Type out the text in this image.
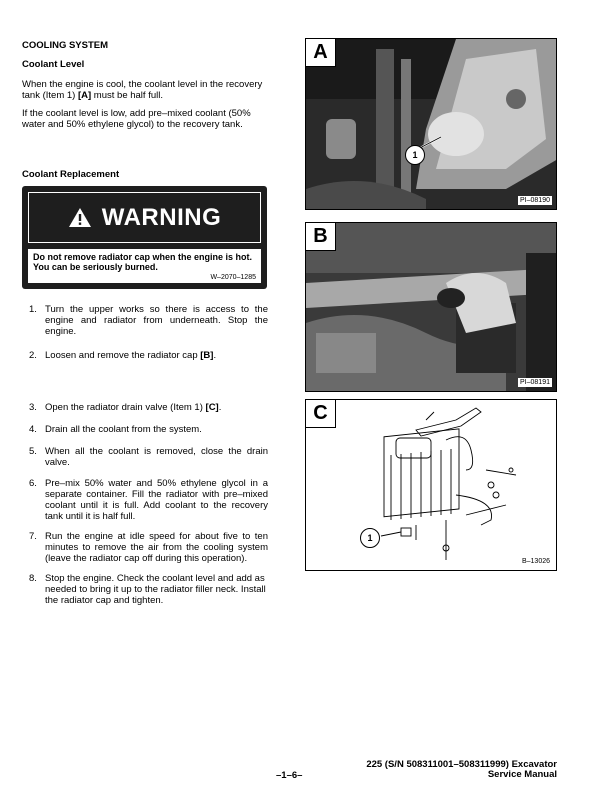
COOLING SYSTEM
Coolant Level
When the engine is cool, the coolant level in the recovery tank (Item 1) [A] must be half full.
If the coolant level is low, add pre–mixed coolant (50% water and 50% ethylene glycol) to the recovery tank.
Coolant Replacement
WARNING
Do not remove radiator cap when the engine is hot. You can be seriously burned.
W–2070–1285
1. Turn the upper works so there is access to the engine and radiator from underneath. Stop the engine.
2. Loosen and remove the radiator cap [B].
3. Open the radiator drain valve (Item 1) [C].
4. Drain all the coolant from the system.
5. When all the coolant is removed, close the drain valve.
6. Pre–mix 50% water and 50% ethylene glycol in a separate container. Fill the radiator with pre–mixed coolant until it is full. Add coolant to the recovery tank until it is half full.
7. Run the engine at idle speed for about five to ten minutes to remove the air from the cooling system (leave the radiator cap off during this operation).
8. Stop the engine. Check the coolant level and add as needed to bring it up to the radiator filler neck. Install the radiator cap and tighten.
A
1
PI–08190
B
PI–08191
C
1
B–13026
–1–6–
225 (S/N 508311001–508311999) Excavator
Service Manual
